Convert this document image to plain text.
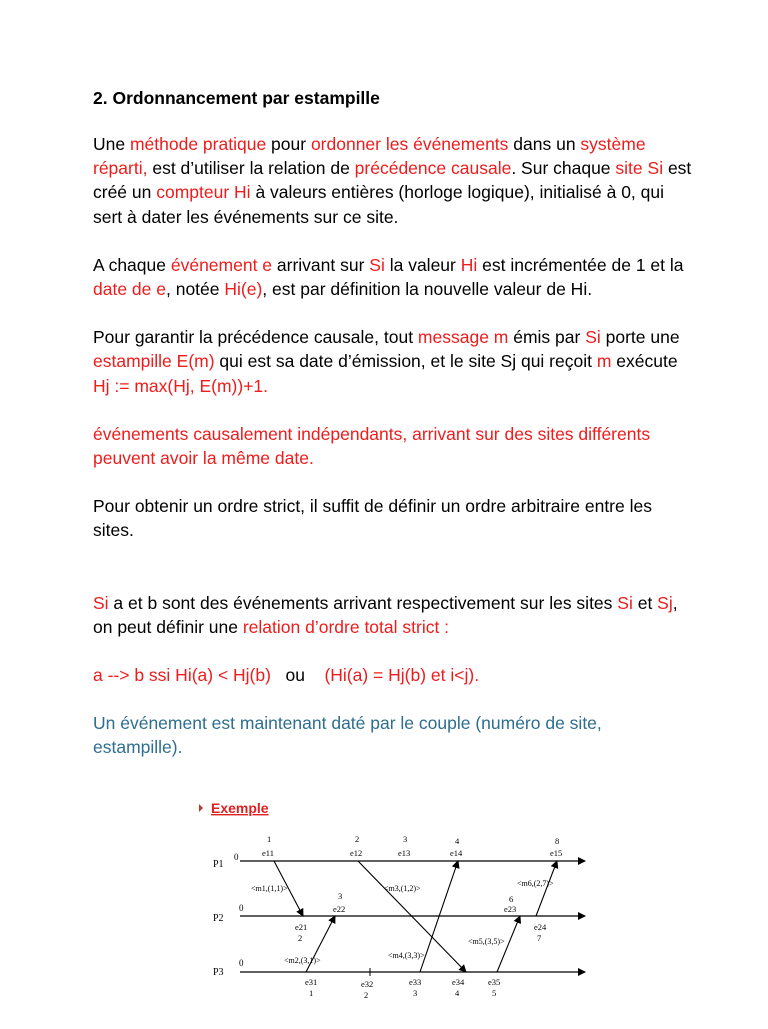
2. Ordonnancement par estampille

Une méthode pratique pour ordonner les événements dans un système réparti, est d’utiliser la relation de précédence causale. Sur chaque site Si est créé un compteur Hi à valeurs entières (horloge logique), initialisé à 0, qui sert à dater les événements sur ce site.

A chaque événement e arrivant sur Si la valeur Hi est incrémentée de 1 et la date de e, notée Hi(e), est par définition la nouvelle valeur de Hi.

Pour garantir la précédence causale, tout message m émis par Si porte une estampille E(m) qui est sa date d’émission, et le site Sj qui reçoit m exécute Hj := max(Hj, E(m))+1.

événements causalement indépendants, arrivant sur des sites différents peuvent avoir la même date.

Pour obtenir un ordre strict, il suffit de définir un ordre arbitraire entre les sites.

Si a et b sont des événements arrivant respectivement sur les sites Si et Sj, on peut définir une relation d’ordre total strict :

a --> b ssi Hi(a) < Hj(b)   ou    (Hi(a) = Hj(b) et i<j).

Un événement est maintenant daté par le couple (numéro de site, estampille).

Exemple
P1
P2
P3
0
0
0
1
e11
2
e12
3
e13
4
e14
8
e15
e21
2
3
e22
6
e23
e24
7
e31
1
e32
2
e33
3
e34
4
e35
5
<m1,(1,1)>
<m2,(3,1)>
<m3,(1,2)>
<m4,(3,3)>
<m5,(3,5)>
<m6,(2,7)>
